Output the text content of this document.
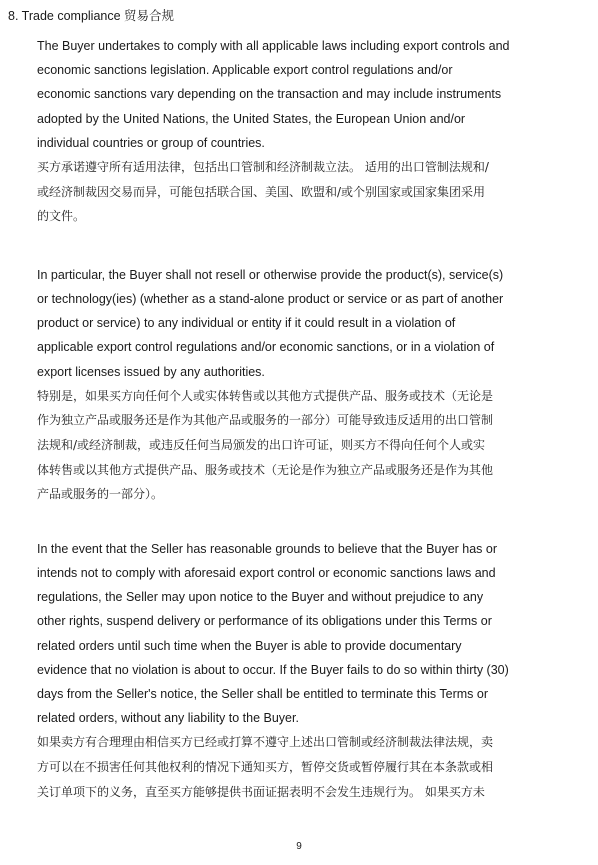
8. Trade compliance 贸易合规

The Buyer undertakes to comply with all applicable laws including export controls and
economic sanctions legislation. Applicable export control regulations and/or
economic sanctions vary depending on the transaction and may include instruments
adopted by the United Nations, the United States, the European Union and/or
individual countries or group of countries.

买方承诺遵守所有适用法律，包括出口管制和经济制裁立法。 适用的出口管制法规和/
或经济制裁因交易而异，可能包括联合国、美国、欧盟和/或个别国家或国家集团采用
的文件。

In particular, the Buyer shall not resell or otherwise provide the product(s), service(s)
or technology(ies) (whether as a stand-alone product or service or as part of another
product or service) to any individual or entity if it could result in a violation of
applicable export control regulations and/or economic sanctions, or in a violation of
export licenses issued by any authorities.

特别是，如果买方向任何个人或实体转售或以其他方式提供产品、服务或技术（无论是
作为独立产品或服务还是作为其他产品或服务的一部分）可能导致违反适用的出口管制
法规和/或经济制裁，或违反任何当局颁发的出口许可证，则买方不得向任何个人或实
体转售或以其他方式提供产品、服务或技术（无论是作为独立产品或服务还是作为其他
产品或服务的一部分）。

In the event that the Seller has reasonable grounds to believe that the Buyer has or
intends not to comply with aforesaid export control or economic sanctions laws and
regulations, the Seller may upon notice to the Buyer and without prejudice to any
other rights, suspend delivery or performance of its obligations under this Terms or
related orders until such time when the Buyer is able to provide documentary
evidence that no violation is about to occur. If the Buyer fails to do so within thirty (30)
days from the Seller's notice, the Seller shall be entitled to terminate this Terms or
related orders, without any liability to the Buyer.

如果卖方有合理理由相信买方已经或打算不遵守上述出口管制或经济制裁法律法规，卖
方可以在不损害任何其他权利的情况下通知买方，暂停交货或暂停履行其在本条款或相
关订单项下的义务，直至买方能够提供书面证据表明不会发生违规行为。 如果买方未

9
